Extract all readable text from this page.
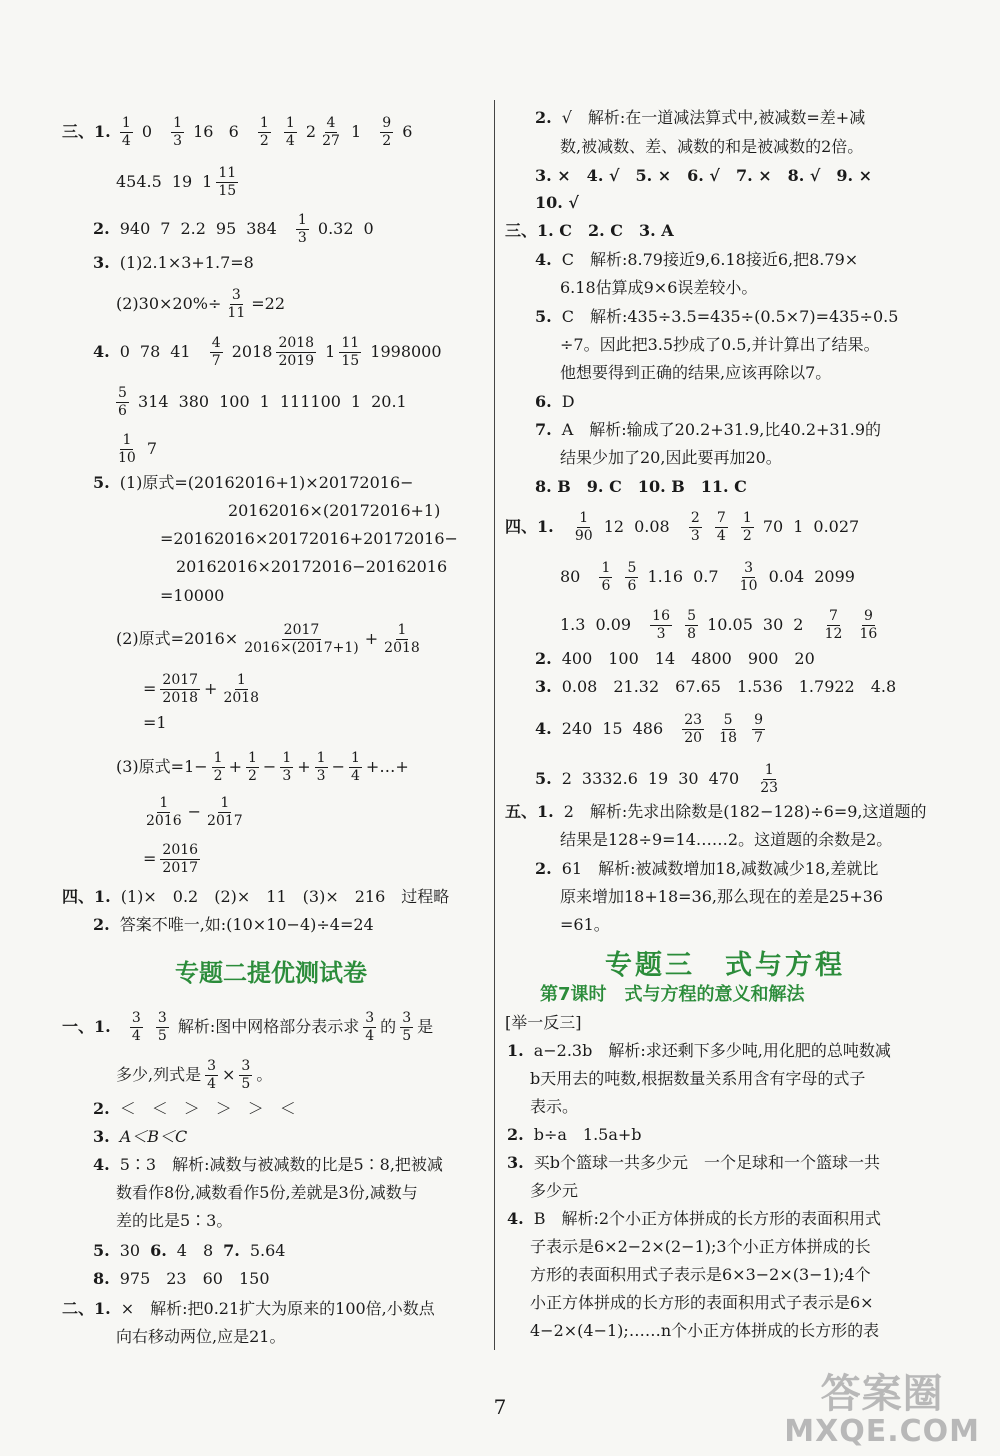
三、1. $\frac{1}{4} 0 \frac{1}{3} 16$ $6 \frac{1}{2}$
$\frac{1}{4} 2 \frac{4}{27} 1 \frac{9}{2} 6$
454.5 19 $1 \frac{11}{15}$
2. 940 7 2.2 95 $384 \frac{1}{3} 0.32$ 0
3. (1)2.1×3+1.7=8
$(2)30\times 20\%\div \frac{3}{11} =22$
4. 0 78 $41 \frac{4}{7} 2018 \frac{2018}{2019} 1 \frac{11}{15} 1998000$
$\frac{5}{6} 314$ 380 100 1 111100 1 20.1
$\frac{1}{10} 7$
5. (1)原式=(20162016+1)×20172016−
20162016×(20172016+1)
=20162016×20172016+20172016−
20162016×20172016−20162016
=10000
(2)原式$=2016\times \frac{2017}{2016\times(2017+1)} + \frac{1}{2018}$
= $\frac{2017}{2018} + \frac{1}{2018}$
=1
(3)原式$=1- \frac{1}{2} + \frac{1}{2} - \frac{1}{3} + \frac{1}{3} - \frac{1}{4}$ +…+
$\frac{1}{2016} - \frac{1}{2017}$
= $\frac{2016}{2017}$
四、1. (1)×　0.2　(2)×　11　(3)×　216　过程略
2. 答案不唯一,如:(10×10−4)÷4=24
专题二提优测试卷
一、1. $\frac{3}{4}$
$\frac{3}{5}$ 解析:图中网格部分表示求 $\frac{3}{4}$ 的 $\frac{3}{5}$ 是
多少,列式是 $\frac{3}{4} \times \frac{3}{5}$ 。
2. ＜　＜　＞　＞　＞　＜
3. A＜B＜C
4. 5∶3　解析:减数与被减数的比是5∶8,把被减
数看作8份,减数看作5份,差就是3份,减数与
差的比是5∶3。
5. 30 6. 4　8 7. 5.64
8. 975　23　60　150
二、1. ×　解析:把0.21扩大为原来的100倍,小数点
向右移动两位,应是21。
2. √　解析:在一道减法算式中,被减数=差+减
数,被减数、差、减数的和是被减数的2倍。
3. ×　4. √　5. ×　6. √　7. ×　8. √　9. ×
10. √
三、1. C　2. C　3. A
4. C　解析:8.79接近9,6.18接近6,把8.79×
6.18估算成9×6误差较小。
5. C　解析:435÷3.5=435÷(0.5×7)=435÷0.5
÷7。因此把3.5抄成了0.5,并计算出了结果。
他想要得到正确的结果,应该再除以7。
6. D
7. A　解析:输成了20.2+31.9,比40.2+31.9的
结果少加了20,因此要再加20。
8. B　9. C　10. B　11. C
四、1. $\frac{1}{90} 12$ $0.08 \frac{2}{3}$
$\frac{7}{4}$
$\frac{1}{2} 70$ 1 0.027
$80 \frac{1}{6}$
$\frac{5}{6} 1.16$ $0.7 \frac{3}{10} 0.04$ 2099
1.3 $0.09 \frac{16}{3}$
$\frac{5}{8} 10.05$ 30 $2 \frac{7}{12}$
$\frac{9}{16}$
2. 400　100　14　4800　900　20
3. 0.08　21.32　67.65　1.536　1.7922　4.8
4. 240 15 $486 \frac{23}{20}$
$\frac{5}{18}$
$\frac{9}{7}$
5. 2 3332.6 19 30 $470 \frac{1}{23}$
五、1. 2　解析:先求出除数是(182−128)÷6=9,这道题的
结果是128÷9=14……2。这道题的余数是2。
2. 61　解析:被减数增加18,减数减少18,差就比
原来增加18+18=36,那么现在的差是25+36
=61。
专题三　式与方程
第7课时　式与方程的意义和解法
[举一反三]
1. a−2.3b　解析:求还剩下多少吨,用化肥的总吨数减
b天用去的吨数,根据数量关系用含有字母的式子
表示。
2. b÷a　1.5a+b
3. 买b个篮球一共多少元　一个足球和一个篮球一共
多少元
4. B　解析:2个小正方体拼成的长方形的表面积用式
子表示是6×2−2×(2−1);3个小正方体拼成的长
方形的表面积用式子表示是6×3−2×(3−1);4个
小正方体拼成的长方形的表面积用式子表示是6×
4−2×(4−1);……n个小正方体拼成的长方形的表
7	答案圈
MXQE.COM
